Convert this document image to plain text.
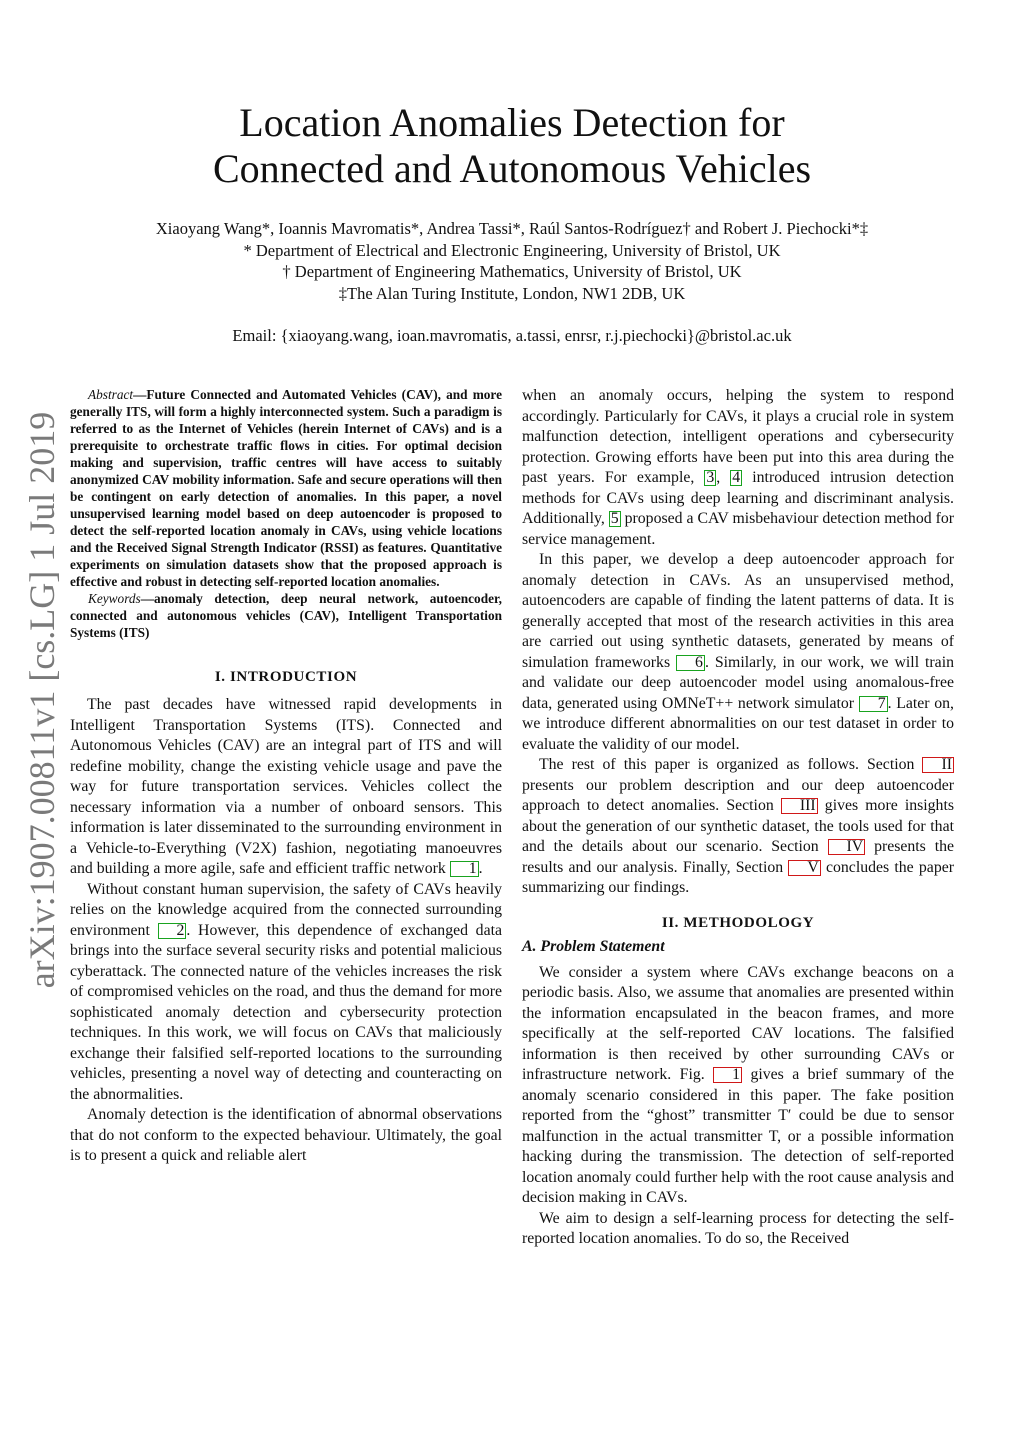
Location Anomalies Detection for
Connected and Autonomous Vehicles
Xiaoyang Wang*, Ioannis Mavromatis*, Andrea Tassi*, Raúl Santos-Rodríguez† and Robert J. Piechocki*‡
* Department of Electrical and Electronic Engineering, University of Bristol, UK
† Department of Engineering Mathematics, University of Bristol, UK
‡The Alan Turing Institute, London, NW1 2DB, UK
Email: {xiaoyang.wang, ioan.mavromatis, a.tassi, enrsr, r.j.piechocki}@bristol.ac.uk
arXiv:1907.00811v1 [cs.LG] 1 Jul 2019

Abstract—Future Connected and Automated Vehicles (CAV), and more generally ITS, will form a highly interconnected system. Such a paradigm is referred to as the Internet of Vehicles (herein Internet of CAVs) and is a prerequisite to orchestrate traffic flows in cities. For optimal decision making and supervision, traffic centres will have access to suitably anonymized CAV mobility information. Safe and secure operations will then be contingent on early detection of anomalies. In this paper, a novel unsupervised learning model based on deep autoencoder is proposed to detect the self-reported location anomaly in CAVs, using vehicle locations and the Received Signal Strength Indicator (RSSI) as features. Quantitative experiments on simulation datasets show that the proposed approach is effective and robust in detecting self-reported location anomalies.

Keywords—anomaly detection, deep neural network, autoencoder, connected and autonomous vehicles (CAV), Intelligent Transportation Systems (ITS)

I. INTRODUCTION

The past decades have witnessed rapid developments in Intelligent Transportation Systems (ITS). Connected and Autonomous Vehicles (CAV) are an integral part of ITS and will redefine mobility, change the existing vehicle usage and pave the way for future transportation services. Vehicles collect the necessary information via a number of onboard sensors. This information is later disseminated to the surrounding environment in a Vehicle-to-Everything (V2X) fashion, negotiating manoeuvres and building a more agile, safe and efficient traffic network 1 .

Without constant human supervision, the safety of CAVs heavily relies on the knowledge acquired from the connected surrounding environment 2 . However, this dependence of exchanged data brings into the surface several security risks and potential malicious cyberattack. The connected nature of the vehicles increases the risk of compromised vehicles on the road, and thus the demand for more sophisticated anomaly detection and cybersecurity protection techniques. In this work, we will focus on CAVs that maliciously exchange their falsified self-reported locations to the surrounding vehicles, presenting a novel way of detecting and counteracting on the abnormalities.

Anomaly detection is the identification of abnormal observations that do not conform to the expected behaviour. Ultimately, the goal is to present a quick and reliable alert

when an anomaly occurs, helping the system to respond accordingly. Particularly for CAVs, it plays a crucial role in system malfunction detection, intelligent operations and cybersecurity protection. Growing efforts have been put into this area during the past years. For example, 3 , 4 introduced intrusion detection methods for CAVs using deep learning and discriminant analysis. Additionally, 5 proposed a CAV misbehaviour detection method for service management.

In this paper, we develop a deep autoencoder approach for anomaly detection in CAVs. As an unsupervised method, autoencoders are capable of finding the latent patterns of data. It is generally accepted that most of the research activities in this area are carried out using synthetic datasets, generated by means of simulation frameworks 6 . Similarly, in our work, we will train and validate our deep autoencoder model using anomalous-free data, generated using OMNeT++ network simulator 7 . Later on, we introduce different abnormalities on our test dataset in order to evaluate the validity of our model.

The rest of this paper is organized as follows. Section II presents our problem description and our deep autoencoder approach to detect anomalies. Section III gives more insights about the generation of our synthetic dataset, the tools used for that and the details about our scenario. Section IV presents the results and our analysis. Finally, Section V concludes the paper summarizing our findings.

II. METHODOLOGY
A. Problem Statement

We consider a system where CAVs exchange beacons on a periodic basis. Also, we assume that anomalies are presented within the information encapsulated in the beacon frames, and more specifically at the self-reported CAV locations. The falsified information is then received by other surrounding CAVs or infrastructure network. Fig. 1 gives a brief summary of the anomaly scenario considered in this paper. The fake position reported from the “ghost” transmitter T′ could be due to sensor malfunction in the actual transmitter T, or a possible information hacking during the transmission. The detection of self-reported location anomaly could further help with the root cause analysis and decision making in CAVs.

We aim to design a self-learning process for detecting the self-reported location anomalies. To do so, the Received
